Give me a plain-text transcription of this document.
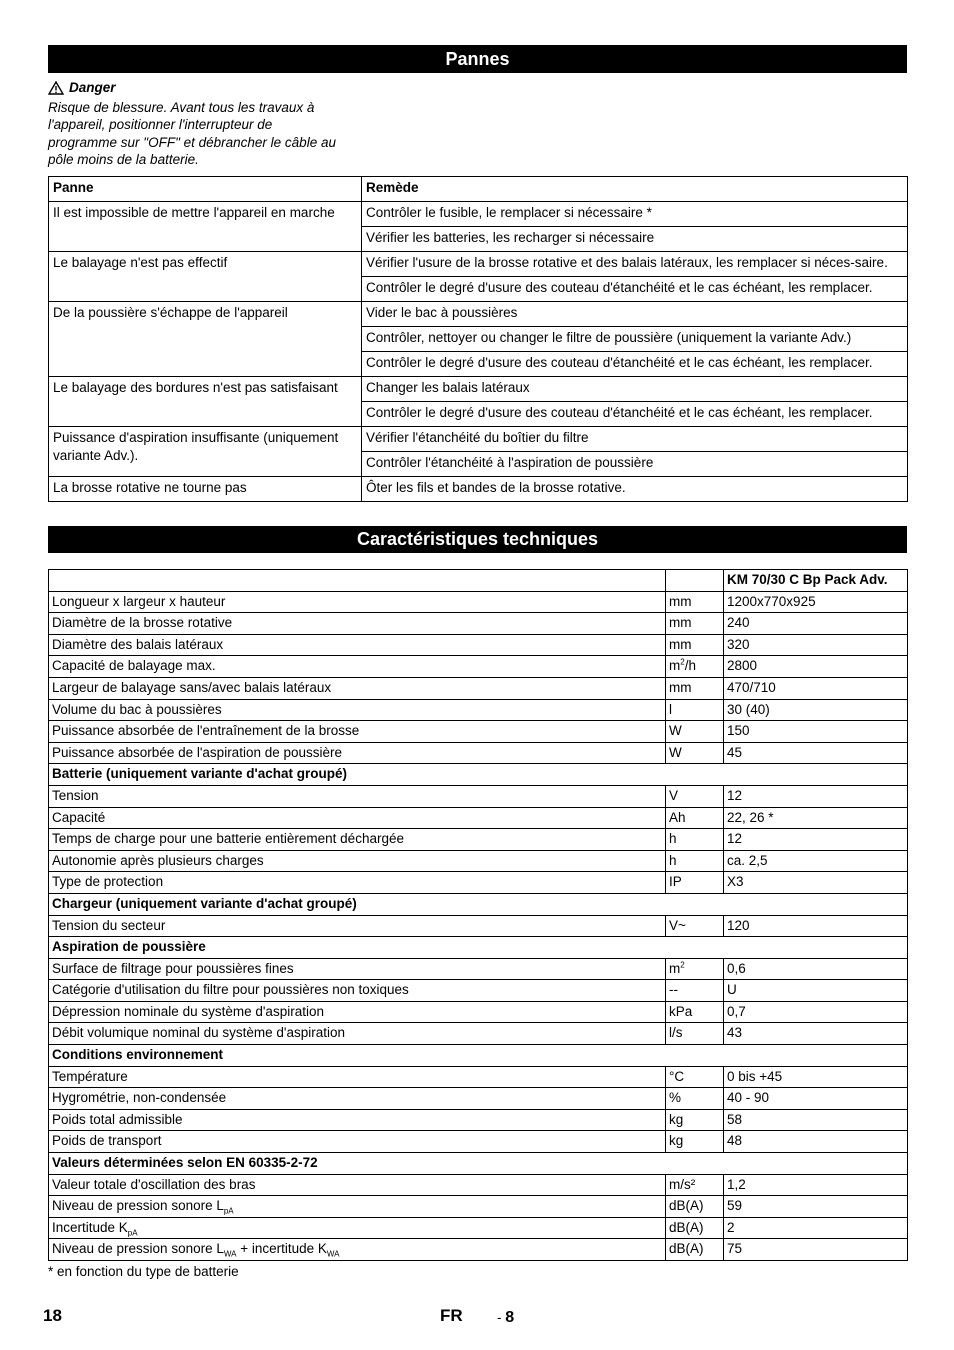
Pannes
Danger
Risque de blessure. Avant tous les travaux à l'appareil, positionner l'interrupteur de programme sur "OFF" et débrancher le câble au pôle moins de la batterie.
Panne	Remède
Il est impossible de mettre l'appareil en marche	Contrôler le fusible, le remplacer si nécessaire *
	Vérifier les batteries, les recharger si nécessaire
Le balayage n'est pas effectif	Vérifier l'usure de la brosse rotative et des balais latéraux, les remplacer si néces-saire.
	Contrôler le degré d'usure des couteau d'étanchéité et le cas échéant, les remplacer.
De la poussière s'échappe de l'appareil	Vider le bac à poussières
	Contrôler, nettoyer ou changer le filtre de poussière (uniquement la variante Adv.)
	Contrôler le degré d'usure des couteau d'étanchéité et le cas échéant, les remplacer.
Le balayage des bordures n'est pas satisfaisant	Changer les balais latéraux
	Contrôler le degré d'usure des couteau d'étanchéité et le cas échéant, les remplacer.
Puissance d'aspiration insuffisante (uniquement variante Adv.).	Vérifier l'étanchéité du boîtier du filtre
	Contrôler l'étanchéité à l'aspiration de poussière
La brosse rotative ne tourne pas	Ôter les fils et bandes de la brosse rotative.
Caractéristiques techniques
		KM 70/30 C Bp Pack Adv.
Longueur x largeur x hauteur	mm	1200x770x925
Diamètre de la brosse rotative	mm	240
Diamètre des balais latéraux	mm	320
Capacité de balayage max.	$m^2/h$	2800
Largeur de balayage sans/avec balais latéraux	mm	470/710
Volume du bac à poussières	l	30 (40)
Puissance absorbée de l'entraînement de la brosse	W	150
Puissance absorbée de l'aspiration de poussière	W	45
Batterie (uniquement variante d'achat groupé)		
Tension	V	12
Capacité	Ah	22, 26 *
Temps de charge pour une batterie entièrement déchargée	h	12
Autonomie après plusieurs charges	h	ca. 2,5
Type de protection	IP	X3
Chargeur (uniquement variante d'achat groupé)		
Tension du secteur	V~	120
Aspiration de poussière		
Surface de filtrage pour poussières fines	$m^2$	0,6
Catégorie d'utilisation du filtre pour poussières non toxiques	--	U
Dépression nominale du système d'aspiration	kPa	0,7
Débit volumique nominal du système d'aspiration	l/s	43
Conditions environnement		
Température	°C	0 bis +45
Hygrométrie, non-condensée	%	40 - 90
Poids total admissible	kg	58
Poids de transport	kg	48
Valeurs déterminées selon EN 60335-2-72		
Valeur totale d'oscillation des bras	m/s²	1,2
Niveau de pression sonore $L_{pA}$	dB(A)	59
Incertitude $K_{pA}$	dB(A)	2
Niveau de pression sonore $L_{WA}$ + incertitude $K_{WA}$	dB(A)	75
* en fonction du type de batterie
18	FR	- 8
